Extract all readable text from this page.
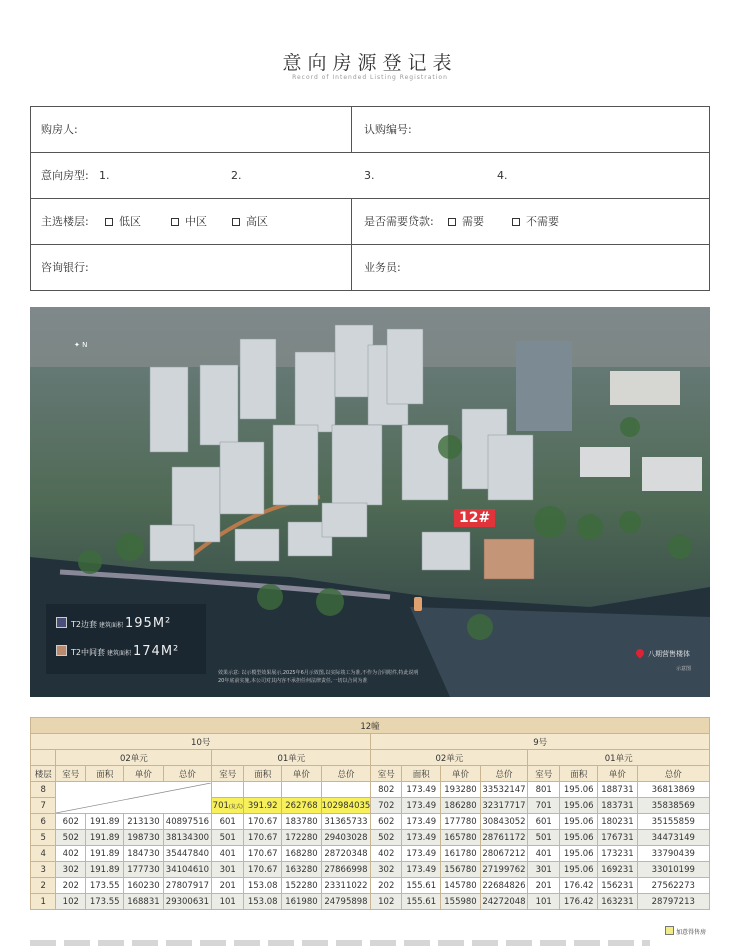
意向房源登记表
Record of Intended Listing Registration
购房人:	认购编号:
意向房型: 1.	2.	3.	4.
主选楼层:	低区	中区	高区	是否需要贷款:	需要	不需要
咨询银行:	业务员:
✦ N
12#
T2边套 建筑面积 195M²
T2中间套 建筑面积 174M²
效果示意: 以示模型效果展示,2025年6月示效图,以实际竣工为准,不作为合同附件,特此说明
20年底前实施,本公司对其内容不承担任何法律责任,一切以合同为准
八期营售楼体
示意图
12幢																
10号									9号							
	02单元				01单元				02单元				01单元			
楼层	室号	面积	单价	总价	室号	面积	单价	总价	室号	面积	单价	总价	室号	面积	单价	总价
8									802	173.49	193280	33532147	801	195.06	188731	36813869
7					701(复式)	391.92	262768	102984035	702	173.49	186280	32317717	701	195.06	183731	35838569
6	602	191.89	213130	40897516	601	170.67	183780	31365733	602	173.49	177780	30843052	601	195.06	180231	35155859
5	502	191.89	198730	38134300	501	170.67	172280	29403028	502	173.49	165780	28761172	501	195.06	176731	34473149
4	402	191.89	184730	35447840	401	170.67	168280	28720348	402	173.49	161780	28067212	401	195.06	173231	33790439
3	302	191.89	177730	34104610	301	170.67	163280	27866998	302	173.49	156780	27199762	301	195.06	169231	33010199
2	202	173.55	160230	27807917	201	153.08	152280	23311022	202	155.61	145780	22684826	201	176.42	156231	27562273
1	102	173.55	168831	29300631	101	153.08	161980	24795898	102	155.61	155980	24272048	101	176.42	163231	28797213
加意得售房
